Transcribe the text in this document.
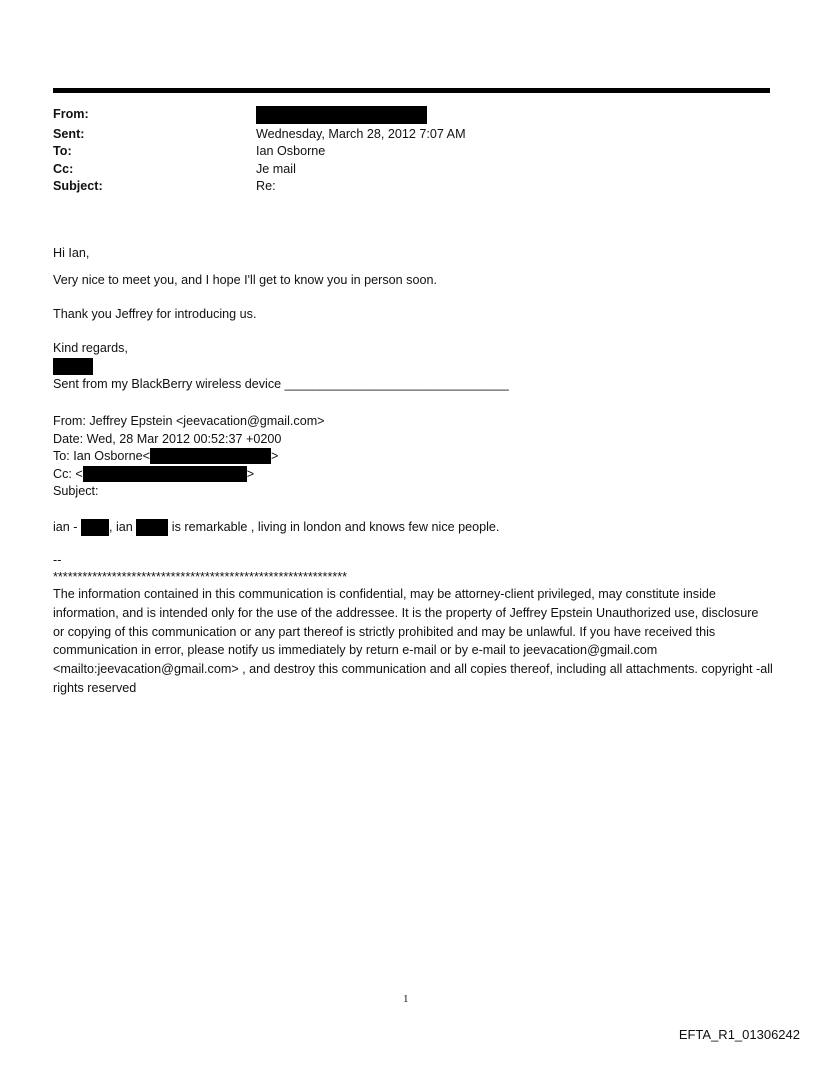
From:
Sent:	Wednesday, March 28, 2012 7:07 AM
To:	Ian Osborne
Cc:	Je mail
Subject:	Re:
Hi Ian,
Very nice to meet you, and I hope I'll get to know you in person soon.
Thank you Jeffrey for introducing us.
Kind regards,
Sent from my BlackBerry wireless device ________________________________
From: Jeffrey Epstein <jeevacation@gmail.com>
Date: Wed, 28 Mar 2012 00:52:37 +0200
To: Ian Osborne<	>
Cc: <	>
Subject:
ian - , ian	is remarkable , living in london and knows few nice people.
--
************************************************************
The information contained in this communication is confidential, may be attorney-client privileged, may constitute inside information, and is intended only for the use of the addressee. It is the property of Jeffrey Epstein Unauthorized use, disclosure or copying of this communication or any part thereof is strictly prohibited and may be unlawful. If you have received this communication in error, please notify us immediately by return e-mail or by e-mail to jeevacation@gmail.com <mailto:jeevacation@gmail.com> , and destroy this communication and all copies thereof, including all attachments. copyright -all rights reserved
1
EFTA_R1_01306242
